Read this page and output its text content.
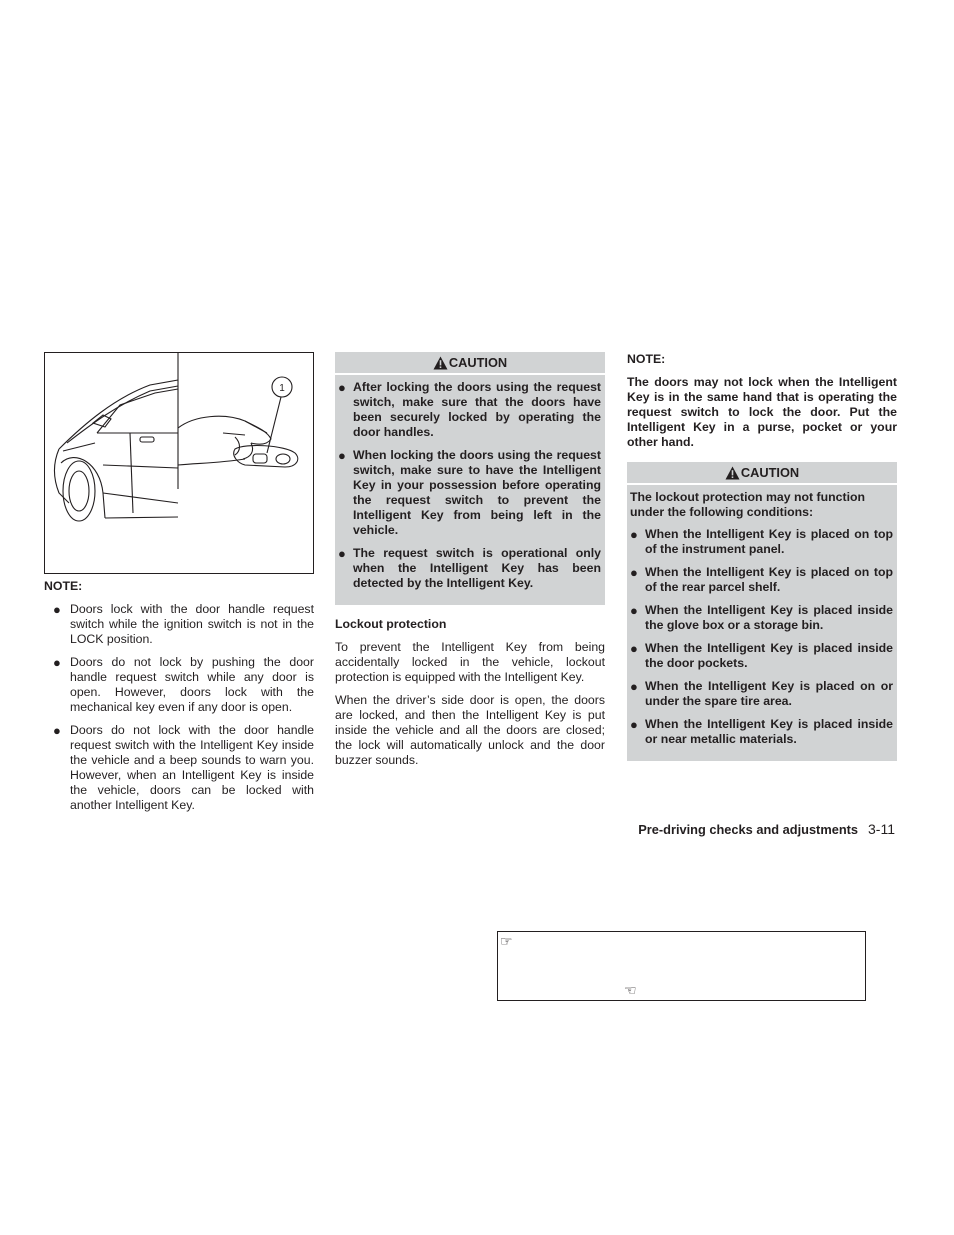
1
NOTE:
● Doors lock with the door handle request switch while the ignition switch is not in the LOCK position.
● Doors do not lock by pushing the door handle request switch while any door is open. However, doors lock with the mechanical key even if any door is open.
● Doors do not lock with the door handle request switch with the Intelligent Key inside the vehicle and a beep sounds to warn you. However, when an Intelligent Key is inside the vehicle, doors can be locked with another Intelligent Key.
CAUTION
● After locking the doors using the request switch, make sure that the doors have been securely locked by operating the door handles.
● When locking the doors using the request switch, make sure to have the Intelligent Key in your possession before operating the request switch to prevent the Intelligent Key from being left in the vehicle.
● The request switch is operational only when the Intelligent Key has been detected by the Intelligent Key.
Lockout protection

To prevent the Intelligent Key from being accidentally locked in the vehicle, lockout protection is equipped with the Intelligent Key.

When the driver’s side door is open, the doors are locked, and then the Intelligent Key is put inside the vehicle and all the doors are closed; the lock will automatically unlock and the door buzzer sounds.

NOTE:

The doors may not lock when the Intelligent Key is in the same hand that is operating the request switch to lock the door. Put the Intelligent Key in a purse, pocket or your other hand.

CAUTION
The lockout protection may not function under the following conditions:
● When the Intelligent Key is placed on top of the instrument panel.
● When the Intelligent Key is placed on top of the rear parcel shelf.
● When the Intelligent Key is placed inside the glove box or a storage bin.
● When the Intelligent Key is placed inside the door pockets.
● When the Intelligent Key is placed on or under the spare tire area.
● When the Intelligent Key is placed inside or near metallic materials.
Pre-driving checks and adjustments 3-11
☞
☜
